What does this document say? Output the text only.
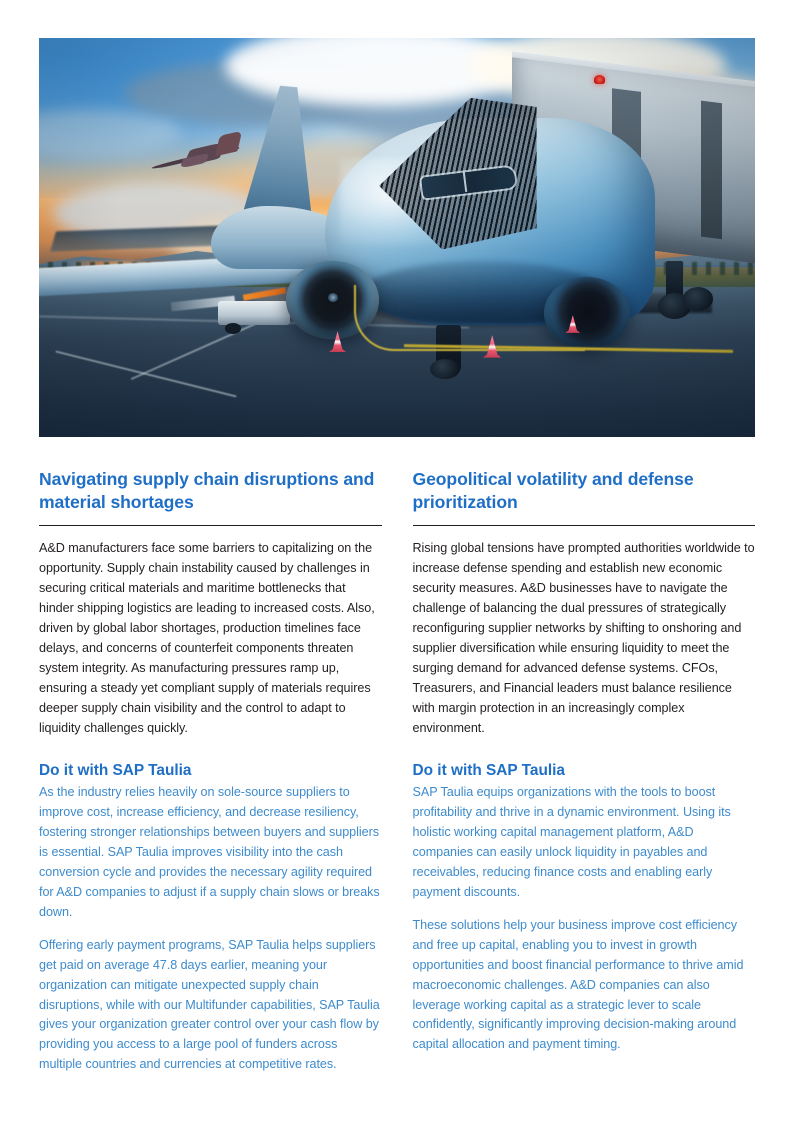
Navigating supply chain disruptions and material shortages

A&D manufacturers face some barriers to capitalizing on the opportunity. Supply chain instability caused by challenges in securing critical materials and maritime bottlenecks that hinder shipping logistics are leading to increased costs. Also, driven by global labor shortages, production timelines face delays, and concerns of counterfeit components threaten system integrity. As manufacturing pressures ramp up, ensuring a steady yet compliant supply of materials requires deeper supply chain visibility and the control to adapt to liquidity challenges quickly.

Do it with SAP Taulia

As the industry relies heavily on sole-source suppliers to improve cost, increase efficiency, and decrease resiliency, fostering stronger relationships between buyers and suppliers is essential. SAP Taulia improves visibility into the cash conversion cycle and provides the necessary agility required for A&D companies to adjust if a supply chain slows or breaks down.

Offering early payment programs, SAP Taulia helps suppliers get paid on average 47.8 days earlier, meaning your organization can mitigate unexpected supply chain disruptions, while with our Multifunder capabilities, SAP Taulia gives your organization greater control over your cash flow by providing you access to a large pool of funders across multiple countries and currencies at competitive rates.

Geopolitical volatility and defense prioritization

Rising global tensions have prompted authorities worldwide to increase defense spending and establish new economic security measures. A&D businesses have to navigate the challenge of balancing the dual pressures of strategically reconfiguring supplier networks by shifting to onshoring and supplier diversification while ensuring liquidity to meet the surging demand for advanced defense systems. CFOs, Treasurers, and Financial leaders must balance resilience with margin protection in an increasingly complex environment.

Do it with SAP Taulia

SAP Taulia equips organizations with the tools to boost profitability and thrive in a dynamic environment. Using its holistic working capital management platform, A&D companies can easily unlock liquidity in payables and receivables, reducing finance costs and enabling early payment discounts.

These solutions help your business improve cost efficiency and free up capital, enabling you to invest in growth opportunities and boost financial performance to thrive amid macroeconomic challenges. A&D companies can also leverage working capital as a strategic lever to scale confidently, significantly improving decision-making around capital allocation and payment timing.
